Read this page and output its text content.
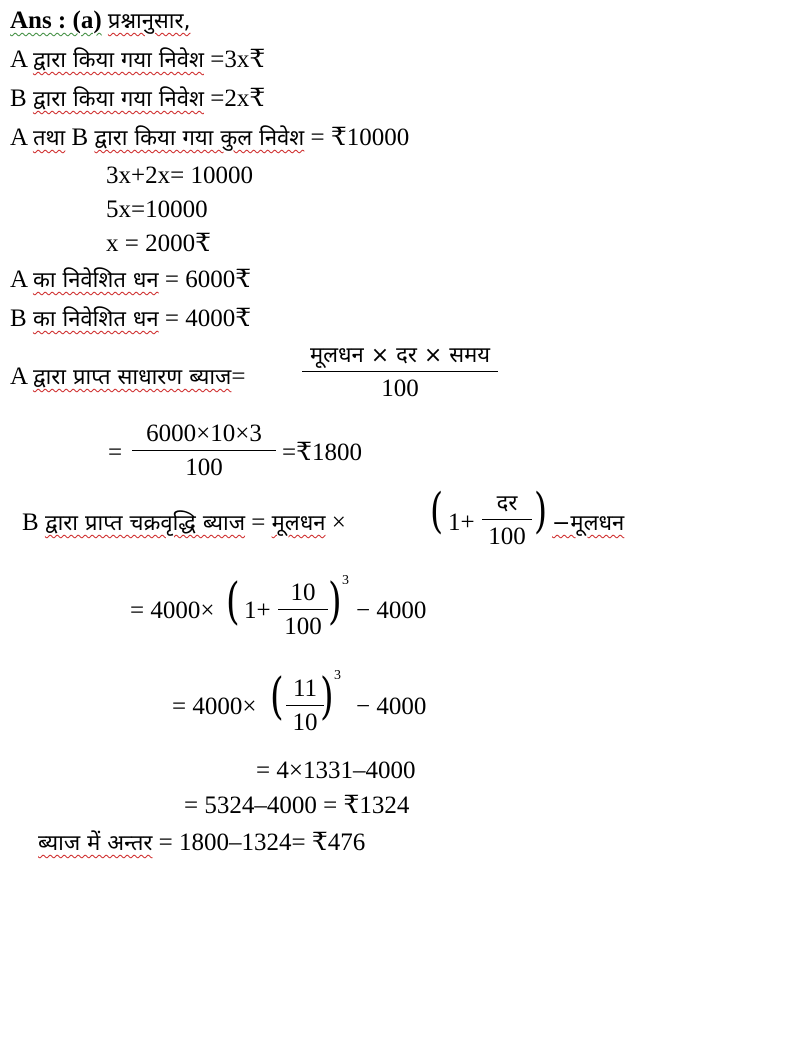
Ans : (a) प्रश्नानुसार,
A द्वारा किया गया निवेश =3x₹
B द्वारा किया गया निवेश =2x₹
A तथा B द्वारा किया गया कुल निवेश = ₹10000
3x+2x= 10000
5x=10000
x = 2000₹
A का निवेशित धन = 6000₹
B का निवेशित धन = 4000₹
A द्वारा प्राप्त साधारण ब्याज=
मूलधन × दर × समय
100
=
6000×10×3
100
=₹1800
B द्वारा प्राप्त चक्रवृद्धि ब्याज = मूलधन × ( 1+
दर
100 ) −मूलधन
= 4000× ( 1+
10
100 ) 3
− 4000
= 4000× ( 11
10 ) 3
− 4000
= 4×1331–4000
= 5324–4000 = ₹1324
ब्याज में अन्तर = 1800–1324= ₹476
